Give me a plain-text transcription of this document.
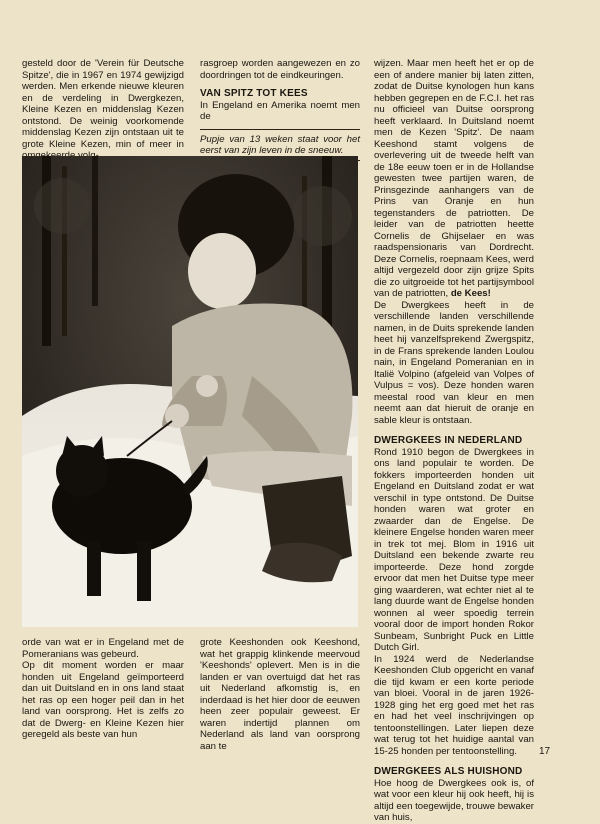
gesteld door de 'Verein für Deutsche Spitze', die in 1967 en 1974 gewijzigd werden. Men erkende nieuwe kleuren en de verdeling in Dwergkezen, Kleine Kezen en middenslag Kezen ontstond. De weinig voorkomende middenslag Kezen zijn ontstaan uit te grote Kleine Kezen, min of meer in

rasgroep worden aangewezen en zo doordringen tot de eindkeuringen.

VAN SPITZ TOT KEES

In Engeland en Amerika noemt men de

Pupje van 13 weken staat voor het eerst van zijn leven in de sneeuw.

wijzen. Maar men heeft het er op de een of andere manier bij laten zitten, zodat de Duitse kynologen hun kans hebben gegrepen en de F.C.I. het ras nu officieel van Duitse oorsprong heeft verklaard. In Duitsland noemt men de Kezen 'Spitz'. De naam Keeshond stamt volgens de overlevering uit de tweede helft van de 18e eeuw toen er in de Hollandse gewesten twee partijen waren, de Prinsgezinde aanhangers van de Prins van Oranje en hun tegenstanders de patriotten. De leider van de patriotten heette Cornelis de Ghijselaer en was raadspensionaris van Dordrecht. Deze Cornelis, roepnaam Kees, werd altijd vergezeld door zijn grijze Spits die zo uitgroeide tot het partijsymbool van de patriotten, de Kees!

De Dwergkees heeft in de verschillende landen verschillende namen, in de Duits sprekende landen heet hij vanzelfsprekend Zwergspitz, in de Frans sprekende landen Loulou nain, in Engeland Pomeranian en in Italië Volpino (afgeleid van Volpes of Vulpus = vos). Deze honden waren meestal rood van kleur en men neemt aan dat hieruit de oranje en sable kleur is ontstaan.

DWERGKEES IN NEDERLAND

Rond 1910 begon de Dwergkees in ons land populair te worden. De fokkers importeerden honden uit Engeland en Duitsland zodat er wat verschil in type ontstond. De Duitse honden waren wat groter en zwaarder dan de Engelse. De kleinere Engelse honden waren meer in trek tot mej. Blom in 1916 uit Duitsland een bekende zwarte reu importeerde. Deze hond zorgde ervoor dat men het Duitse type meer ging waarderen, wat echter niet al te lang duurde want de Engelse honden wonnen al weer spoedig terrein vooral door de import honden Rokor Sunbeam, Sunbright Puck en Little Dutch Girl.

In 1924 werd de Nederlandse Keeshonden Club opgericht en vanaf die tijd kwam er een korte periode van bloei. Vooral in de jaren 1926-1928 ging het erg goed met het ras en had het veel inschrijvingen op tentoonstellingen. Later liepen deze wat terug tot het huidige aantal van 15-25 honden per tentoonstelling.

DWERGKEES ALS HUISHOND

Hoe hoog de Dwergkees ook is, of wat voor een kleur hij ook heeft, hij is altijd een toegewijde, trouwe bewaker van huis,

orde van wat er in Engeland met de Pomeranians was gebeurd.

Op dit moment worden er maar honden uit Engeland geïmporteerd dan uit Duitsland en in ons land staat het ras op een hoger peil dan in het land van oorsprong. Het is zelfs zo dat de Dwerg- en Kleine Kezen hier geregeld als beste van hun

grote Keeshonden ook Keeshond, wat het grappig klinkende meervoud 'Keeshonds' oplevert. Men is in die landen er van overtuigd dat het ras uit Nederland afkomstig is, en inderdaad is het hier door de eeuwen heen zeer populair geweest. Er waren indertijd plannen om Nederland als land van oorsprong aan te	17
